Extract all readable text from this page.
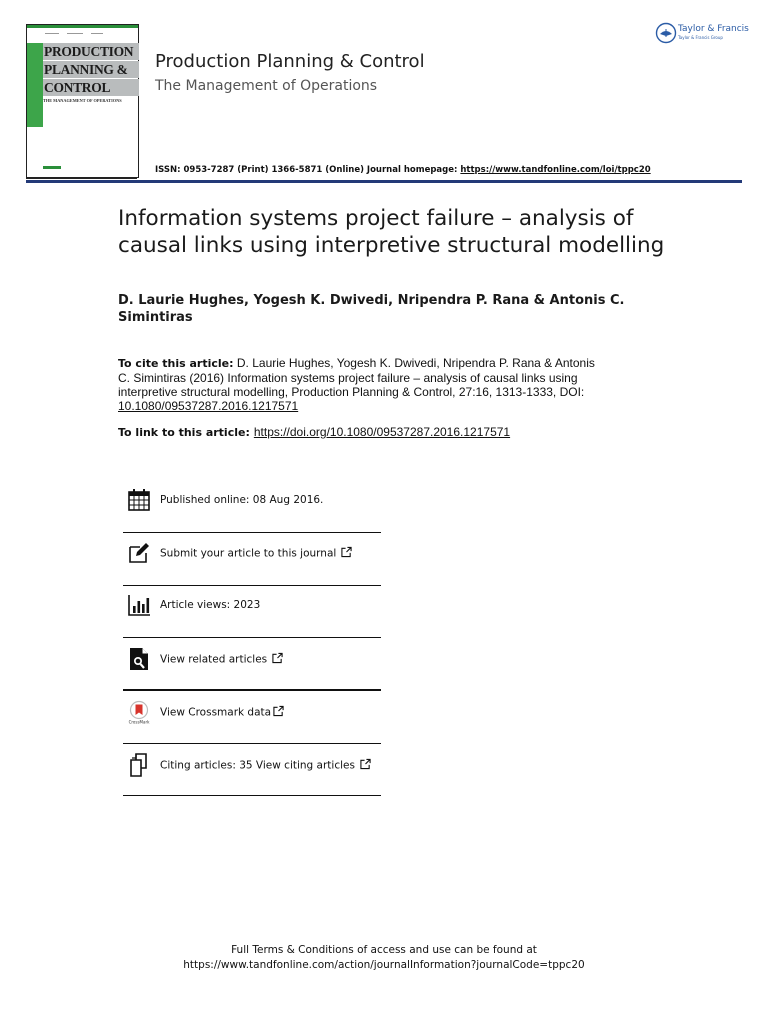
PRODUCTION
PLANNING &
CONTROL
THE MANAGEMENT OF OPERATIONS
Production Planning & Control
The Management of Operations
Taylor & Francis
Taylor & Francis Group
ISSN: 0953-7287 (Print) 1366-5871 (Online) Journal homepage: https://www.tandfonline.com/loi/tppc20
Information systems project failure – analysis of causal links using interpretive structural modelling
D. Laurie Hughes, Yogesh K. Dwivedi, Nripendra P. Rana & Antonis C. Simintiras
To cite this article: D. Laurie Hughes, Yogesh K. Dwivedi, Nripendra P. Rana & Antonis C. Simintiras (2016) Information systems project failure – analysis of causal links using interpretive structural modelling, Production Planning & Control, 27:16, 1313-1333, DOI: 10.1080/09537287.2016.1217571
To link to this article: https://doi.org/10.1080/09537287.2016.1217571
Published online: 08 Aug 2016.
Submit your article to this journal
Article views: 2023
View related articles
CrossMark
View Crossmark data
Citing articles: 35 View citing articles
Full Terms & Conditions of access and use can be found at
https://www.tandfonline.com/action/journalInformation?journalCode=tppc20
